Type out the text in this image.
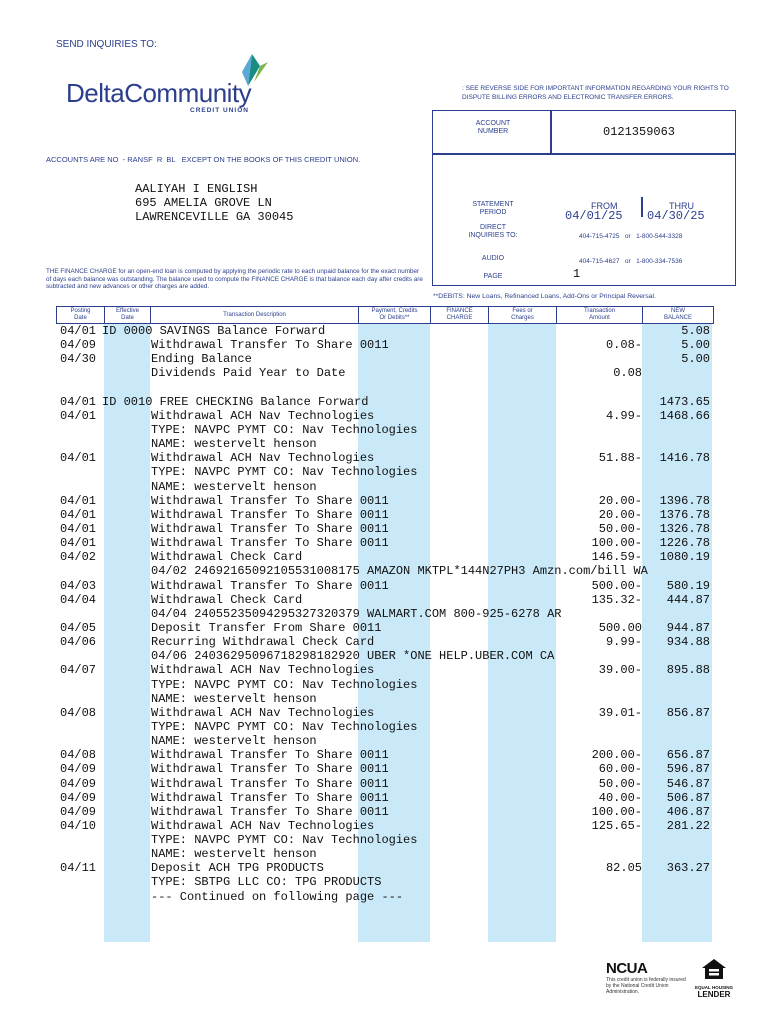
SEND INQUIRIES TO:
DeltaCommunity
CREDIT UNION
: SEE REVERSE SIDE FOR IMPORTANT INFORMATION REGARDING YOUR RIGHTS TO DISPUTE BILLING ERRORS AND ELECTRONIC TRANSFER ERRORS.
ACCOUNT
NUMBER	0121359063
STATEMENT
PERIOD
FROM	THRU
04/01/25 04/30/25
DIRECT
INQUIRIES TO:	404-715-4725   or   1-800-544-3328
AUDIO	404-715-4627   or   1-800-334-7536
PAGE	1
ACCOUNTS ARE NO  - RANSF  R  BL   EXCEPT ON THE BOOKS OF THIS CREDIT UNION.
AALIYAH I ENGLISH
695 AMELIA GROVE LN
LAWRENCEVILLE GA 30045
THE FINANCE CHARGE for an open-end loan is computed by applying the periodic rate to each unpaid balance for the exact number of days each balance was outstanding. The balance used to compute the FINANCE CHARGE is that balance each day after credits are subtracted and new advances or other charges are added.
**DEBITS: New Loans, Refinanced Loans, Add-Ons or Principal Reversal.
Posting
Date
Effective
Date
Transaction Description
Payment, Credits
Or Debits**
FINANCE
CHARGE
Fees or
Charges
Transaction
Amount
NEW
BALANCE
04/01 ID 0000 SAVINGS Balance Forward	5.08
04/09	Withdrawal Transfer To Share 0011	0.08-	5.00
04/30	Ending Balance	5.00
Dividends Paid Year to Date	0.08
04/01 ID 0010 FREE CHECKING Balance Forward	1473.65
04/01	Withdrawal ACH Nav Technologies	4.99- 1468.66
TYPE: NAVPC PYMT CO: Nav Technologies
NAME: westervelt henson
04/01	Withdrawal ACH Nav Technologies	51.88- 1416.78
TYPE: NAVPC PYMT CO: Nav Technologies
NAME: westervelt henson
04/01	Withdrawal Transfer To Share 0011	20.00- 1396.78
04/01	Withdrawal Transfer To Share 0011	20.00- 1376.78
04/01	Withdrawal Transfer To Share 0011	50.00- 1326.78
04/01	Withdrawal Transfer To Share 0011	100.00- 1226.78
04/02	Withdrawal Check Card	146.59- 1080.19
04/02 24692165092105531008175 AMAZON MKTPL*144N27PH3 Amzn.com/bill WA
04/03	Withdrawal Transfer To Share 0011	500.00- 580.19
04/04	Withdrawal Check Card	135.32- 444.87
04/04 24055235094295327320379 WALMART.COM 800-925-6278 AR
04/05	Deposit Transfer From Share 0011	500.00 944.87
04/06	Recurring Withdrawal Check Card	9.99- 934.88
04/06 24036295096718298182920 UBER *ONE HELP.UBER.COM CA
04/07	Withdrawal ACH Nav Technologies	39.00- 895.88
TYPE: NAVPC PYMT CO: Nav Technologies
NAME: westervelt henson
04/08	Withdrawal ACH Nav Technologies	39.01- 856.87
TYPE: NAVPC PYMT CO: Nav Technologies
NAME: westervelt henson
04/08	Withdrawal Transfer To Share 0011	200.00- 656.87
04/09	Withdrawal Transfer To Share 0011	60.00- 596.87
04/09	Withdrawal Transfer To Share 0011	50.00- 546.87
04/09	Withdrawal Transfer To Share 0011	40.00- 506.87
04/09	Withdrawal Transfer To Share 0011	100.00- 406.87
04/10	Withdrawal ACH Nav Technologies	125.65- 281.22
TYPE: NAVPC PYMT CO: Nav Technologies
NAME: westervelt henson
04/11	Deposit ACH TPG PRODUCTS	82.05 363.27
TYPE: SBTPG LLC CO: TPG PRODUCTS
--- Continued on following page ---
NCUA
This credit union is federally insured by the National Credit Union Administration.
EQUAL HOUSING
LENDER
